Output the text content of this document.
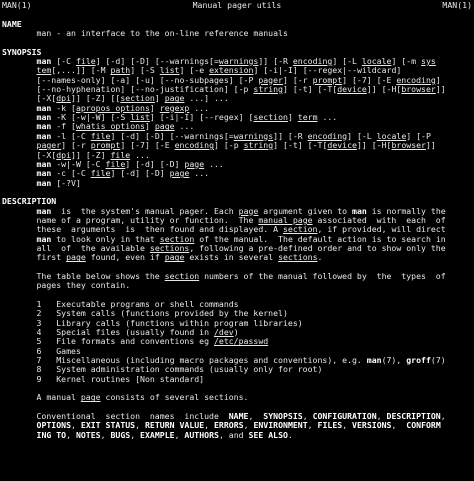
MAN(1)	Manual pager utils	MAN(1)
NAME
man - an interface to the on-line reference manuals
SYNOPSIS
man [-C file] [-d] [-D] [--warnings[=warnings]] [-R encoding] [-L locale] [-m sys
tem[,...]] [-M path] [-S list] [-e extension] [-i|-I] [--regex|--wildcard]
[--names-only] [-a] [-u] [--no-subpages] [-P pager] [-r prompt] [-7] [-E encoding]
[--no-hyphenation] [--no-justification] [-p string] [-t] [-T[device]] [-H[browser]]
[-X[dpi]] [-Z] [[section] page ...] ...
man -k [apropos options] regexp ...
man -K [-w|-W] [-S list] [-i|-I] [--regex] [section] term ...
man -f [whatis options] page ...
man -l [-C file] [-d] [-D] [--warnings[=warnings]] [-R encoding] [-L locale] [-P
pager] [-r prompt] [-7] [-E encoding] [-p string] [-t] [-T[device]] [-H[browser]]
[-X[dpi]] [-Z] file ...
man -w|-W [-C file] [-d] [-D] page ...
man -c [-C file] [-d] [-D] page ...
man [-?V]
DESCRIPTION
man  is  the system's manual pager. Each page argument given to man is normally the
name of a program, utility or function.  The manual page associated  with  each  of
these  arguments  is  then found and displayed. A section, if provided, will direct
man to look only in that section of the manual.  The default action is to search in
all  of  the available sections, following a pre-defined order and to show only the
first page found, even if page exists in several sections.
The table below shows the section numbers of the manual followed by  the  types  of
pages they contain.
1   Executable programs or shell commands
2   System calls (functions provided by the kernel)
3   Library calls (functions within program libraries)
4   Special files (usually found in /dev)
5   File formats and conventions eg /etc/passwd
6   Games
7   Miscellaneous (including macro packages and conventions), e.g. man(7), groff(7)
8   System administration commands (usually only for root)
9   Kernel routines [Non standard]
A manual page consists of several sections.
Conventional  section  names  include  NAME,  SYNOPSIS, CONFIGURATION, DESCRIPTION,
OPTIONS, EXIT STATUS, RETURN VALUE, ERRORS, ENVIRONMENT, FILES, VERSIONS,  CONFORM
ING TO, NOTES, BUGS, EXAMPLE, AUTHORS, and SEE ALSO.
